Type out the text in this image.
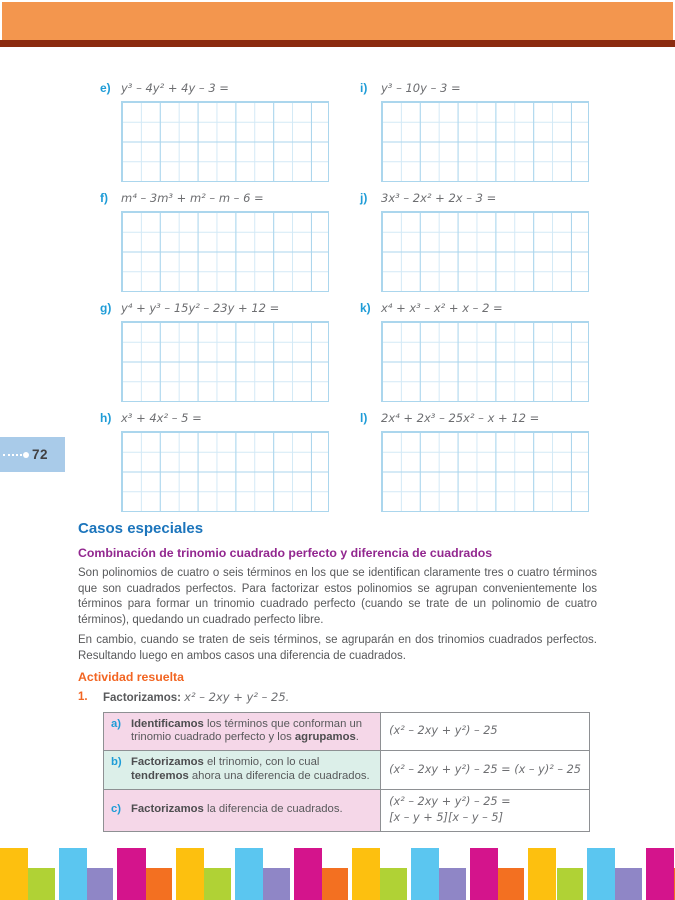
e) y³ – 4y² + 4y – 3 =	i)	y³ – 10y – 3 =
f)	m⁴ – 3m³ + m² – m – 6 =	j)	3x³ – 2x² + 2x – 3 =
g) y⁴ + y³ – 15y² – 23y + 12 =	k) x⁴ + x³ – x² + x – 2 =
h) x³ + 4x² – 5 =	l)	2x⁴ + 2x³ – 25x² – x + 12 =
72
Casos especiales
Combinación de trinomio cuadrado perfecto y diferencia de cuadrados

Son polinomios de cuatro o seis términos en los que se identifican claramente tres o cuatro términos que son cuadrados perfectos. Para factorizar estos polinomios se agrupan convenientemente los términos para formar un trinomio cuadrado perfecto (cuando se trate de un polinomio de cuatro términos), quedando un cuadrado perfecto libre.

En cambio, cuando se traten de seis términos, se agruparán en dos trinomios cuadrados perfectos. Resultando luego en ambos casos una diferencia de cuadrados.

Actividad resuelta
1.	Factorizamos: x² – 2xy + y² – 25.
a) Identificamos los términos que conforman un trinomio cuadrado perfecto y los agrupamos.	(x² – 2xy + y²) – 25

b) Factorizamos el trinomio, con lo cual tendremos ahora una diferencia de cuadrados.	(x² – 2xy + y²) – 25 = (x – y)² – 25

c) Factorizamos la diferencia de cuadrados.

(x² – 2xy + y²) – 25 =
[x – y + 5][x – y – 5]
